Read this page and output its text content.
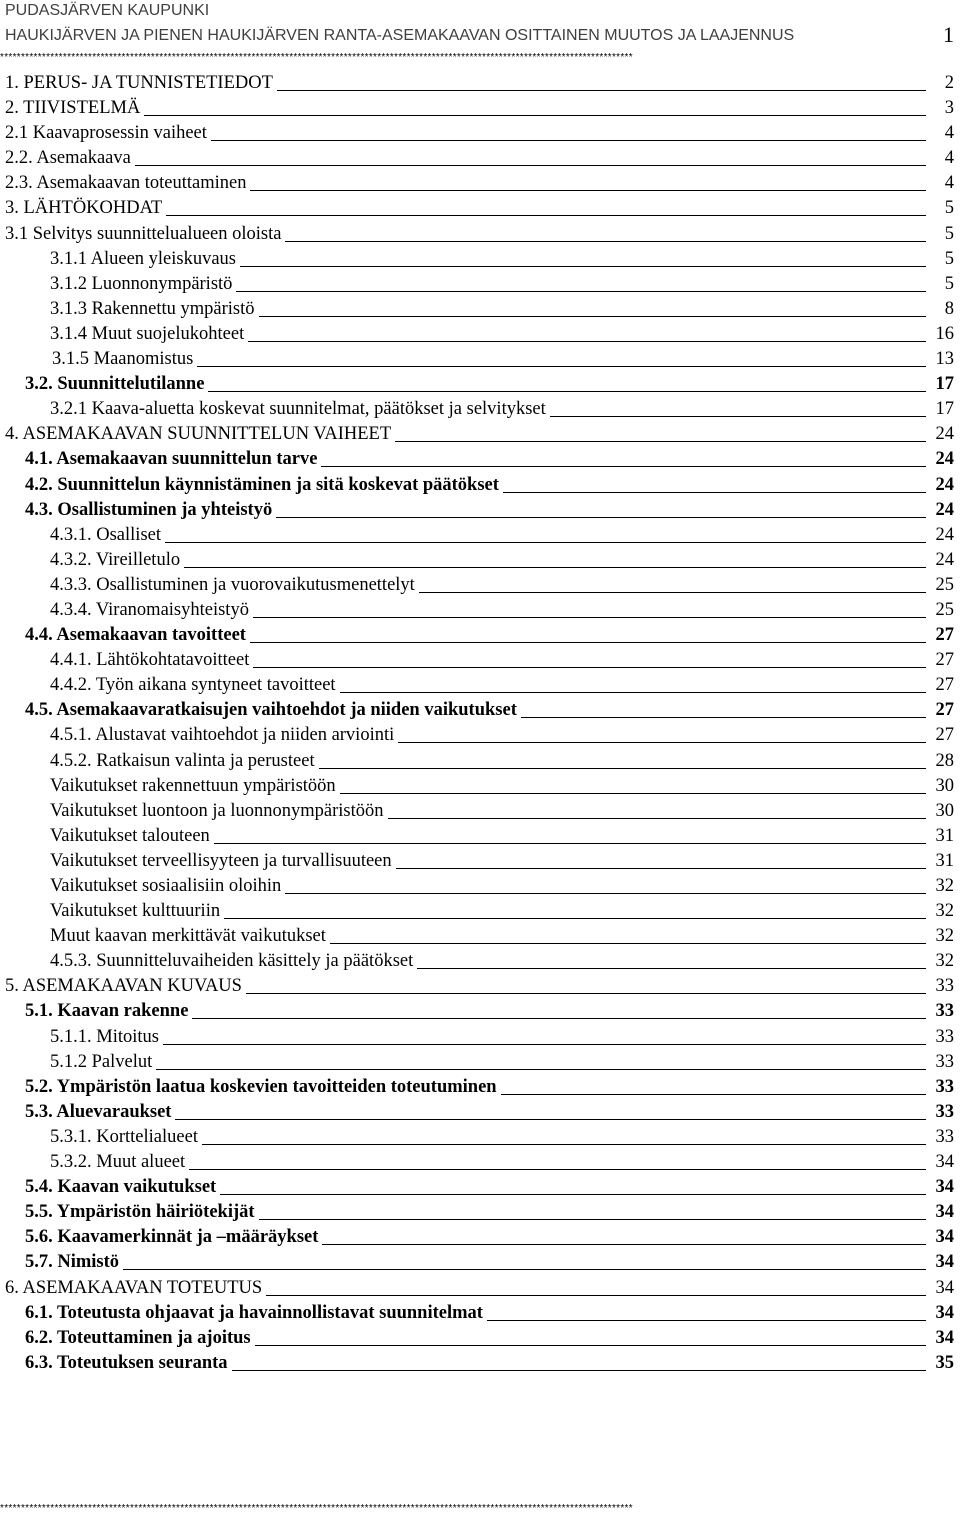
PUDASJÄRVEN KAUPUNKI
HAUKIJÄRVEN JA PIENEN HAUKIJÄRVEN RANTA-ASEMAKAAVAN OSITTAINEN MUUTOS JA LAAJENNUS	1
*******************************************************************************************************************************************************
1. PERUS- JA TUNNISTETIEDOT	2
2. TIIVISTELMÄ	3
2.1 Kaavaprosessin vaiheet	4
2.2. Asemakaava	4
2.3. Asemakaavan toteuttaminen	4
3. LÄHTÖKOHDAT	5
3.1 Selvitys suunnittelualueen oloista	5
3.1.1 Alueen yleiskuvaus	5
3.1.2 Luonnonympäristö	5
3.1.3 Rakennettu ympäristö	8
3.1.4 Muut suojelukohteet	16
3.1.5 Maanomistus	13
3.2. Suunnittelutilanne	17
3.2.1 Kaava-aluetta koskevat suunnitelmat, päätökset ja selvitykset	17
4. ASEMAKAAVAN SUUNNITTELUN VAIHEET	24
4.1. Asemakaavan suunnittelun tarve	24
4.2. Suunnittelun käynnistäminen ja sitä koskevat päätökset	24
4.3. Osallistuminen ja yhteistyö	24
4.3.1. Osalliset	24
4.3.2. Vireilletulo	24
4.3.3. Osallistuminen ja vuorovaikutusmenettelyt	25
4.3.4. Viranomaisyhteistyö	25
4.4. Asemakaavan tavoitteet	27
4.4.1. Lähtökohtatavoitteet	27
4.4.2. Työn aikana syntyneet tavoitteet	27
4.5. Asemakaavaratkaisujen vaihtoehdot ja niiden vaikutukset	27
4.5.1. Alustavat vaihtoehdot ja niiden arviointi	27
4.5.2. Ratkaisun valinta ja perusteet	28
Vaikutukset rakennettuun ympäristöön	30
Vaikutukset luontoon ja luonnonympäristöön	30
Vaikutukset talouteen	31
Vaikutukset terveellisyyteen ja turvallisuuteen	31
Vaikutukset sosiaalisiin oloihin	32
Vaikutukset kulttuuriin	32
Muut kaavan merkittävät vaikutukset	32
4.5.3. Suunnitteluvaiheiden käsittely ja päätökset	32
5. ASEMAKAAVAN KUVAUS	33
5.1. Kaavan rakenne	33
5.1.1. Mitoitus	33
5.1.2 Palvelut	33
5.2. Ympäristön laatua koskevien tavoitteiden toteutuminen	33
5.3. Aluevaraukset	33
5.3.1. Korttelialueet	33
5.3.2. Muut alueet	34
5.4. Kaavan vaikutukset	34
5.5. Ympäristön häiriötekijät	34
5.6. Kaavamerkinnät ja –määräykset	34
5.7. Nimistö	34
6. ASEMAKAAVAN TOTEUTUS	34
6.1. Toteutusta ohjaavat ja havainnollistavat suunnitelmat	34
6.2. Toteuttaminen ja ajoitus	34
6.3. Toteutuksen seuranta	35
*******************************************************************************************************************************************************
